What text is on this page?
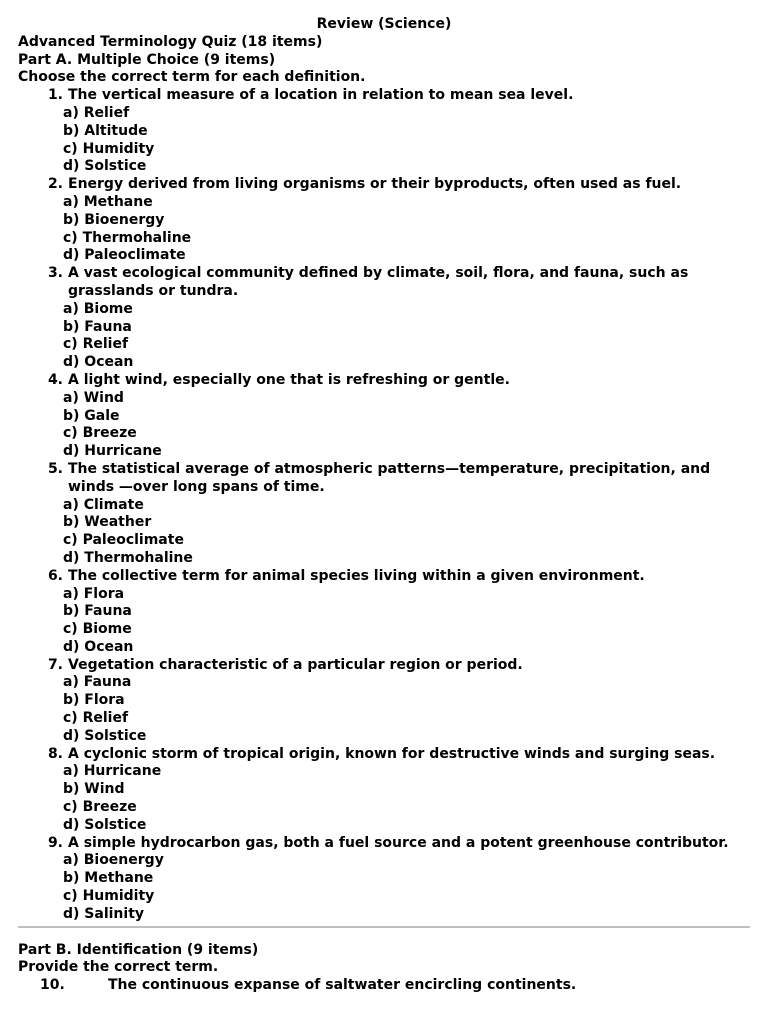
Review (Science)

Advanced Terminology Quiz (18 items)

Part A. Multiple Choice (9 items)

Choose the correct term for each definition.

1. The vertical measure of a location in relation to mean sea level.
a) Relief
b) Altitude
c) Humidity
d) Solstice
2. Energy derived from living organisms or their byproducts, often used as fuel.
a) Methane
b) Bioenergy
c) Thermohaline
d) Paleoclimate
3. A vast ecological community defined by climate, soil, flora, and fauna, such as grasslands or tundra.
a) Biome
b) Fauna
c) Relief
d) Ocean
4. A light wind, especially one that is refreshing or gentle.
a) Wind
b) Gale
c) Breeze
d) Hurricane
5. The statistical average of atmospheric patterns—temperature, precipitation, and winds —over long spans of time.
a) Climate
b) Weather
c) Paleoclimate
d) Thermohaline
6. The collective term for animal species living within a given environment.
a) Flora
b) Fauna
c) Biome
d) Ocean
7. Vegetation characteristic of a particular region or period.
a) Fauna
b) Flora
c) Relief
d) Solstice
8. A cyclonic storm of tropical origin, known for destructive winds and surging seas.
a) Hurricane
b) Wind
c) Breeze
d) Solstice
9. A simple hydrocarbon gas, both a fuel source and a potent greenhouse contributor.
a) Bioenergy
b) Methane
c) Humidity
d) Salinity

Part B. Identification (9 items)

Provide the correct term.

10.	The continuous expanse of saltwater encircling continents.
